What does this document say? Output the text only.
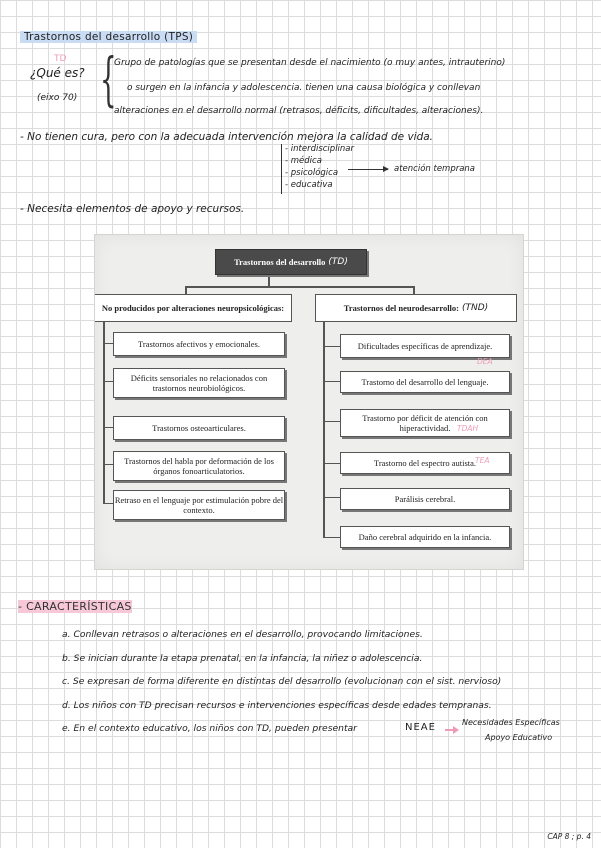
Trastornos del desarrollo (TPS)
TD
¿Qué es?
(eixo 70) {
Grupo de patologías que se presentan desde el nacimiento (o muy antes, intrauterino)
o surgen en la infancia y adolescencia. tienen una causa biológica y conllevan
alteraciones en el desarrollo normal (retrasos, déficits, dificultades, alteraciones).
- No tienen cura, pero con la adecuada intervención mejora la calidad de vida.
- interdisciplinar
- médica
- psicológica
- educativa
atención temprana
- Necesita elementos de apoyo y recursos.
Trastornos del desarrollo (TD)
No producidos por alteraciones neuropsicológicas:	Trastornos del neurodesarrollo: (TND)
Trastornos afectivos y emocionales.
Déficits sensoriales no relacionados con trastornos neurobiológicos.
Trastornos osteoarticulares.
Trastornos del habla por deformación de los órganos fonoarticulatorios.
Retraso en el lenguaje por estimulación pobre del contexto.
Dificultades específicas de aprendizaje.
Trastorno del desarrollo del lenguaje.
Trastorno por déficit de atención con hiperactividad.
Trastorno del espectro autista.
Parálisis cerebral.
Daño cerebral adquirido en la infancia.
DEA
TDAH
TEA
- CARACTERÍSTICAS
a. Conllevan retrasos o alteraciones en el desarrollo, provocando limitaciones.
b. Se inician durante la etapa prenatal, en la infancia, la niñez o adolescencia.
c. Se expresan de forma diferente en distintas del desarrollo (evolucionan con el sist. nervioso)
d. Los niños con TD precisan recursos e intervenciones específicas desde edades tempranas.
e. En el contexto educativo, los niños con TD, pueden presentar	NEAE	Necesidades Específicas
Apoyo Educativo
CAP 8 ; p. 4
